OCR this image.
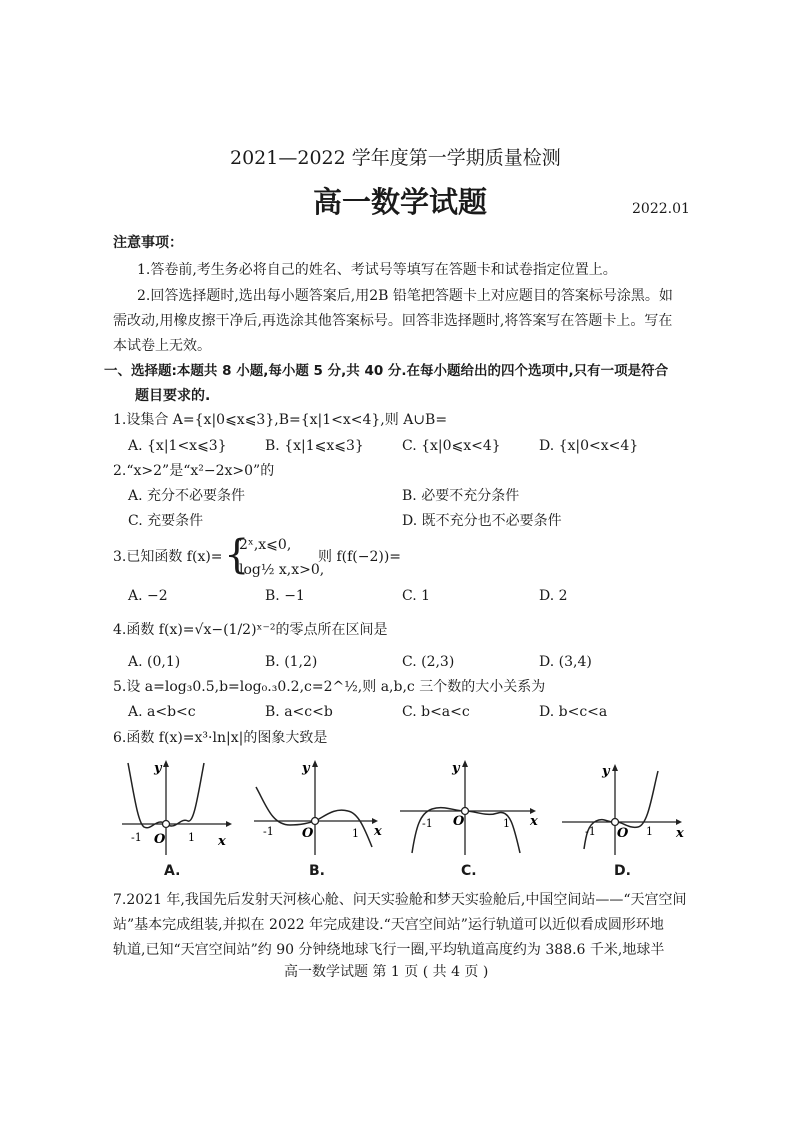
2021—2022 学年度第一学期质量检测
高一数学试题	2022.01
注意事项：
1.答卷前,考生务必将自己的姓名、考试号等填写在答题卡和试卷指定位置上。
2.回答选择题时,选出每小题答案后,用2B 铅笔把答题卡上对应题目的答案标号涂黑。如
需改动,用橡皮擦干净后,再选涂其他答案标号。回答非选择题时,将答案写在答题卡上。写在
本试卷上无效。
一、选择题:本题共 8 小题,每小题 5 分,共 40 分.在每小题给出的四个选项中,只有一项是符合
题目要求的.
1.设集合 A={x|0⩽x⩽3},B={x|1<x<4},则 A∪B=
A. {x|1<x⩽3}	B. {x|1⩽x⩽3}	C. {x|0⩽x<4}	D. {x|0<x<4}
2.“x>2”是“x²−2x>0”的
A. 充分不必要条件	B. 必要不充分条件
C. 充要条件	D. 既不充分也不必要条件
3.已知函数 f(x)= {
2ˣ,x⩽0,
log½ x,x>0,
则 f(f(−2))=
A. −2	B. −1	C. 1	D. 2
4.函数 f(x)=√x−(1/2)ˣ⁻²的零点所在区间是
A. (0,1)	B. (1,2)	C. (2,3)	D. (3,4)
5.设 a=log₃0.5,b=log₀.₃0.2,c=2^½,则 a,b,c 三个数的大小关系为
A. a<b<c	B. a<c<b	C. b<a<c	D. b<c<a
6.函数 f(x)=x³·ln|x|的图象大致是
y
x
O
-1	1
A.
y
x
O
-1	1
B.
y
x
O
-1	1
C.
y
x
O
-1	1
D.
7.2021 年,我国先后发射天河核心舱、问天实验舱和梦天实验舱后,中国空间站——“天宫空间
站”基本完成组装,并拟在 2022 年完成建设.“天宫空间站”运行轨道可以近似看成圆形环地
轨道,已知“天宫空间站”约 90 分钟绕地球飞行一圈,平均轨道高度约为 388.6 千米,地球半
高一数学试题 第 1 页 ( 共 4 页 )
